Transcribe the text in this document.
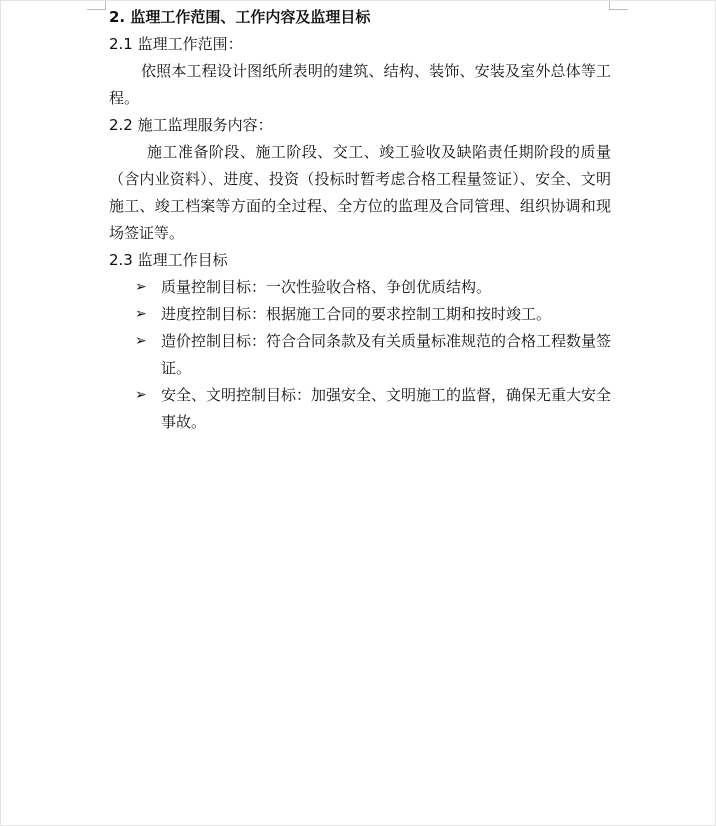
2. 监理工作范围、工作内容及监理目标

2.1 监理工作范围：

依照本工程设计图纸所表明的建筑、结构、装饰、安装及室外总体等工程。

2.2 施工监理服务内容：

施工准备阶段、施工阶段、交工、竣工验收及缺陷责任期阶段的质量（含内业资料）、进度、投资（投标时暂考虑合格工程量签证）、安全、文明施工、竣工档案等方面的全过程、全方位的监理及合同管理、组织协调和现场签证等。

2.3 监理工作目标

➢ 质量控制目标：一次性验收合格、争创优质结构。
➢ 进度控制目标：根据施工合同的要求控制工期和按时竣工。
➢ 造价控制目标：符合合同条款及有关质量标准规范的合格工程数量签证。
➢ 安全、文明控制目标：加强安全、文明施工的监督，确保无重大安全事故。
